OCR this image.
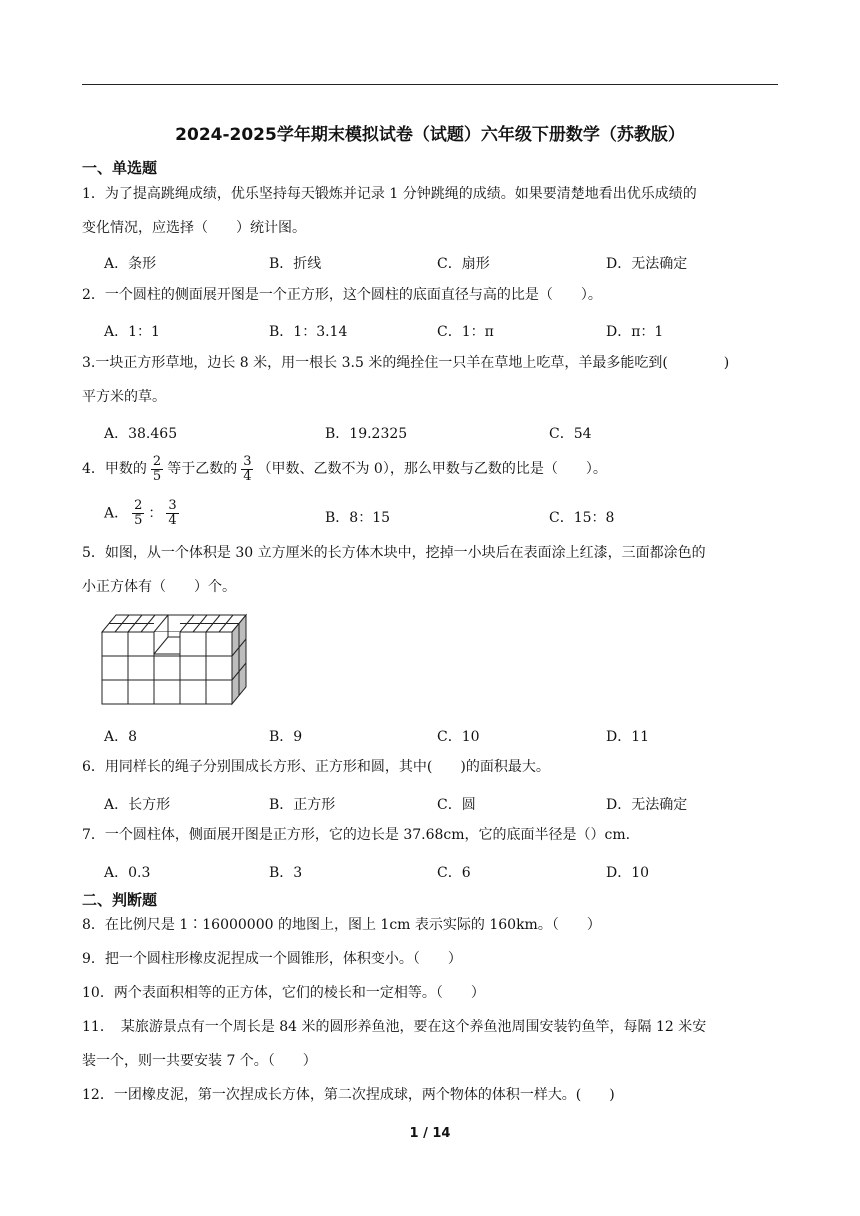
2024-2025学年期末模拟试卷（试题）六年级下册数学（苏教版）
一、单选题
1．为了提高跳绳成绩，优乐坚持每天锻炼并记录 1 分钟跳绳的成绩。如果要清楚地看出优乐成绩的
变化情况，应选择（　　）统计图。
A．条形	B．折线	C．扇形	D．无法确定
2．一个圆柱的侧面展开图是一个正方形，这个圆柱的底面直径与高的比是（　　）。
A．1：1	B．1：3.14	C．1：π	D．π：1
3.一块正方形草地，边长 8 米，用一根长 3.5 米的绳拴住一只羊在草地上吃草，羊最多能吃到(　　　　)
平方米的草。
A．38.465	B．19.2325	C．54
4．甲数的 $\frac{2}{5}$ 等于乙数的 $\frac{3}{4}$ （甲数、乙数不为 0），那么甲数与乙数的比是（　　）。
A． $\frac{2}{5}$ ： $\frac{3}{4}$	B．8：15	C．15：8
5．如图，从一个体积是 30 立方厘米的长方体木块中，挖掉一小块后在表面涂上红漆，三面都涂色的
小正方体有（　　）个。
A．8	B．9	C．10	D．11
6．用同样长的绳子分别围成长方形、正方形和圆，其中(　　)的面积最大。
A．长方形	B．正方形	C．圆	D．无法确定
7．一个圆柱体，侧面展开图是正方形，它的边长是 37.68cm，它的底面半径是（）cm.
A．0.3	B．3	C．6	D．10
二、判断题
8．在比例尺是 1∶16000000 的地图上，图上 1cm 表示实际的 160km。（　　）
9．把一个圆柱形橡皮泥捏成一个圆锥形，体积变小。（　　）
10．两个表面积相等的正方体，它们的棱长和一定相等。（　　）
11．　某旅游景点有一个周长是 84 米的圆形养鱼池，要在这个养鱼池周围安装钓鱼竿，每隔 12 米安
装一个，则一共要安装 7 个。（　　）
12．一团橡皮泥，第一次捏成长方体，第二次捏成球，两个物体的体积一样大。(　　)
1 / 14
